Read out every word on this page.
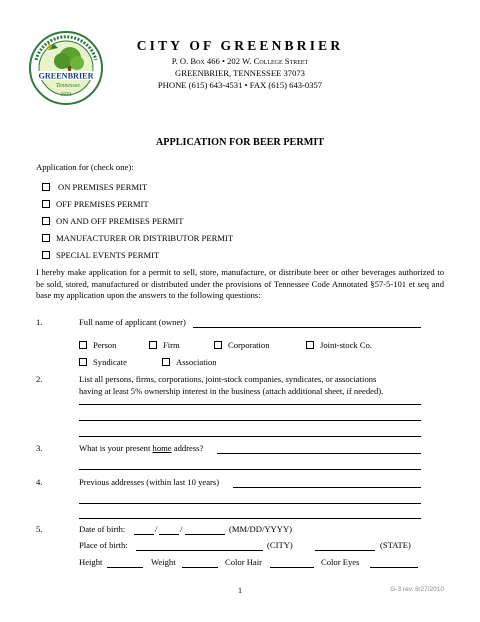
A
GREENBRIER
Tennessee
1931
CITY OF GREENBRIER
P. O. Box 466 • 202 W. College Street
GREENBRIER, TENNESSEE 37073
PHONE (615) 643-4531 • FAX (615) 643-0357
APPLICATION FOR BEER PERMIT
Application for (check one):
ON PREMISES PERMIT
OFF PREMISES PERMIT
ON AND OFF PREMISES PERMIT
MANUFACTURER OR DISTRIBUTOR PERMIT
SPECIAL EVENTS PERMIT
I hereby make application for a permit to sell, store, manufacture, or distribute beer or other beverages authorized to be sold, stored, manufactured or distributed under the provisions of Tennessee Code Annotated §57-5-101 et seq and base my application upon the answers to the following questions:
1.	Full name of applicant (owner)
Person	Firm	Corporation	Joint-stock Co.
Syndicate	Association
2.	List all persons, firms, corporations, joint-stock companies, syndicates, or associations
having at least 5% ownership interest in the business (attach additional sheet, if needed).
3.	What is your present home address?
4.	Previous addresses (within last 10 years)
5.	Date of birth:	/	/	(MM/DD/YYYY)
Place of birth:	(CITY)	(STATE)
Height	Weight	Color Hair	Color Eyes
1	G-3 rev. 8/27/2010
